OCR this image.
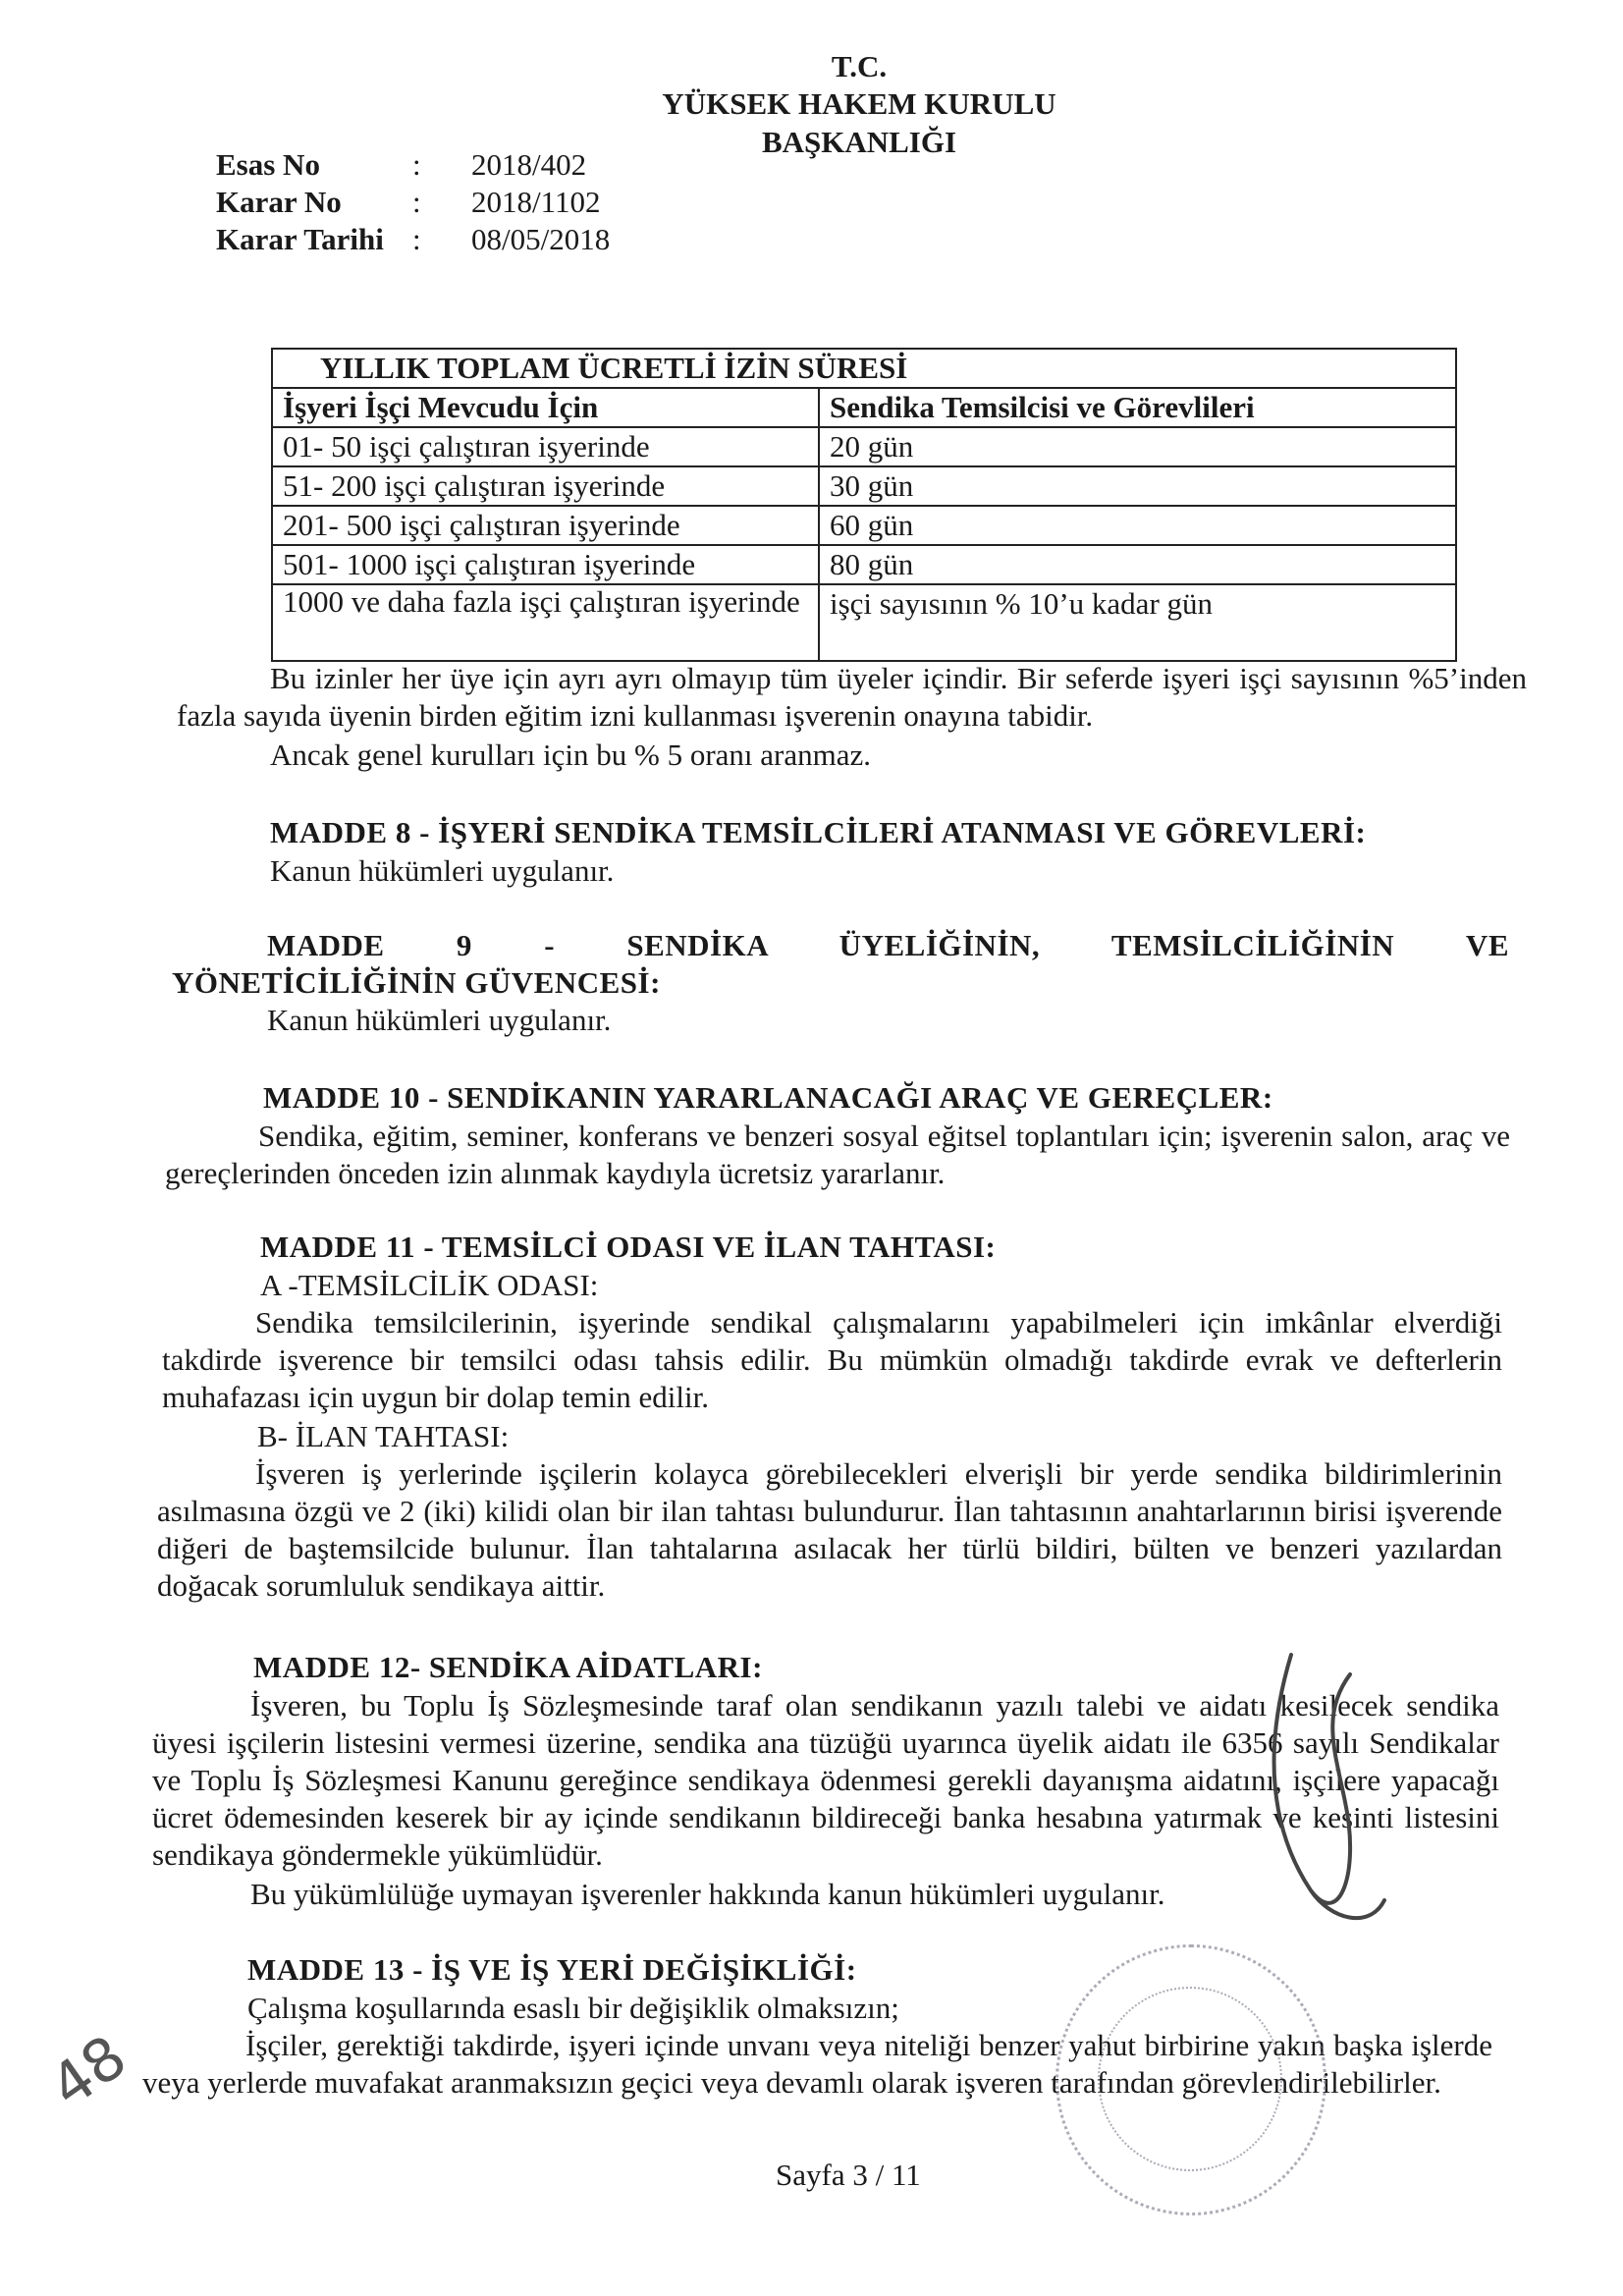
T.C.
YÜKSEK HAKEM KURULU
BAŞKANLIĞI
Esas No	:	2018/402
Karar No	:	2018/1102
Karar Tarihi :	08/05/2018
YILLIK TOPLAM ÜCRETLİ İZİN SÜRESİ	
İşyeri İşçi Mevcudu İçin	Sendika Temsilcisi ve Görevlileri
01- 50 işçi çalıştıran işyerinde	20 gün
51- 200 işçi çalıştıran işyerinde	30 gün
201- 500 işçi çalıştıran işyerinde	60 gün
501- 1000 işçi çalıştıran işyerinde	80 gün
1000 ve daha fazla işçi çalıştıran işyerinde	işçi sayısının % 10’u kadar gün
Bu izinler her üye için ayrı ayrı olmayıp tüm üyeler içindir. Bir seferde işyeri işçi sayısının %5’inden fazla sayıda üyenin birden eğitim izni kullanması işverenin onayına tabidir.
Ancak genel kurulları için bu % 5 oranı aranmaz.
MADDE 8 - İŞYERİ SENDİKA TEMSİLCİLERİ ATANMASI VE GÖREVLERİ:
Kanun hükümleri uygulanır.
MADDE 9 - SENDİKA ÜYELİĞİNİN, TEMSİLCİLİĞİNİN VE
YÖNETİCİLİĞİNİN GÜVENCESİ:
Kanun hükümleri uygulanır.
MADDE 10 - SENDİKANIN YARARLANACAĞI ARAÇ VE GEREÇLER:
Sendika, eğitim, seminer, konferans ve benzeri sosyal eğitsel toplantıları için; işverenin salon, araç ve gereçlerinden önceden izin alınmak kaydıyla ücretsiz yararlanır.
MADDE 11 - TEMSİLCİ ODASI VE İLAN TAHTASI:
A -TEMSİLCİLİK ODASI:
Sendika temsilcilerinin, işyerinde sendikal çalışmalarını yapabilmeleri için imkânlar elverdiği takdirde işverence bir temsilci odası tahsis edilir. Bu mümkün olmadığı takdirde evrak ve defterlerin muhafazası için uygun bir dolap temin edilir.
B- İLAN TAHTASI:
İşveren iş yerlerinde işçilerin kolayca görebilecekleri elverişli bir yerde sendika bildirimlerinin asılmasına özgü ve 2 (iki) kilidi olan bir ilan tahtası bulundurur. İlan tahtasının anahtarlarının birisi işverende diğeri de baştemsilcide bulunur. İlan tahtalarına asılacak her türlü bildiri, bülten ve benzeri yazılardan doğacak sorumluluk sendikaya aittir.
MADDE 12- SENDİKA AİDATLARI:
İşveren, bu Toplu İş Sözleşmesinde taraf olan sendikanın yazılı talebi ve aidatı kesilecek sendika üyesi işçilerin listesini vermesi üzerine, sendika ana tüzüğü uyarınca üyelik aidatı ile 6356 sayılı Sendikalar ve Toplu İş Sözleşmesi Kanunu gereğince sendikaya ödenmesi gerekli dayanışma aidatını, işçilere yapacağı ücret ödemesinden keserek bir ay içinde sendikanın bildireceği banka hesabına yatırmak ve kesinti listesini sendikaya göndermekle yükümlüdür.
Bu yükümlülüğe uymayan işverenler hakkında kanun hükümleri uygulanır.
MADDE 13 - İŞ VE İŞ YERİ DEĞİŞİKLİĞİ:
Çalışma koşullarında esaslı bir değişiklik olmaksızın;
İşçiler, gerektiği takdirde, işyeri içinde unvanı veya niteliği benzer yahut birbirine yakın başka işlerde veya yerlerde muvafakat aranmaksızın geçici veya devamlı olarak işveren tarafından görevlendirilebilirler.
Sayfa 3 / 11
48
